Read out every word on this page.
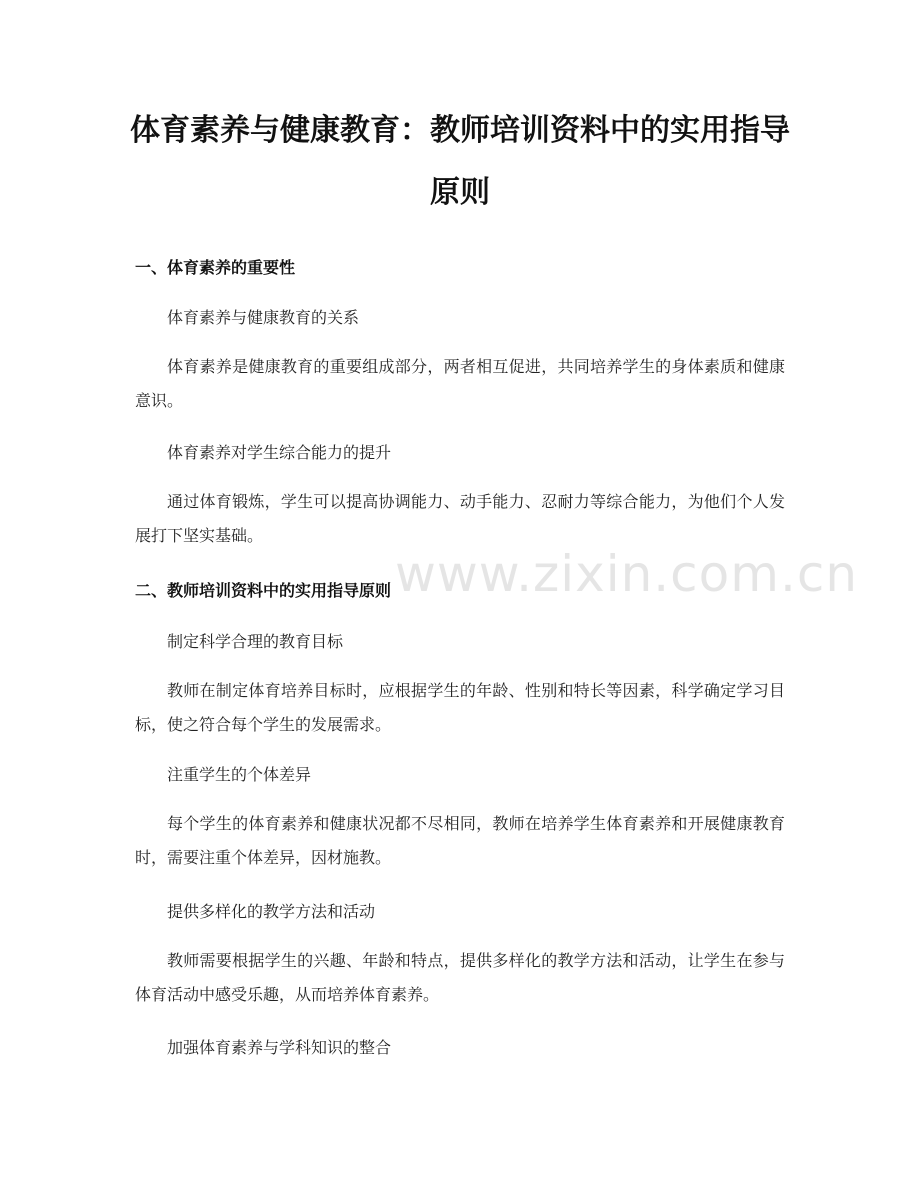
体育素养与健康教育：教师培训资料中的实用指导原则
一、体育素养的重要性

体育素养与健康教育的关系

体育素养是健康教育的重要组成部分，两者相互促进，共同培养学生的身体素质和健康意识。

体育素养对学生综合能力的提升

通过体育锻炼，学生可以提高协调能力、动手能力、忍耐力等综合能力，为他们个人发展打下坚实基础。

二、教师培训资料中的实用指导原则

制定科学合理的教育目标

教师在制定体育培养目标时，应根据学生的年龄、性别和特长等因素，科学确定学习目标，使之符合每个学生的发展需求。

注重学生的个体差异

每个学生的体育素养和健康状况都不尽相同，教师在培养学生体育素养和开展健康教育时，需要注重个体差异，因材施教。

提供多样化的教学方法和活动

教师需要根据学生的兴趣、年龄和特点，提供多样化的教学方法和活动，让学生在参与体育活动中感受乐趣，从而培养体育素养。

加强体育素养与学科知识的整合

www.zixin.com.cn
